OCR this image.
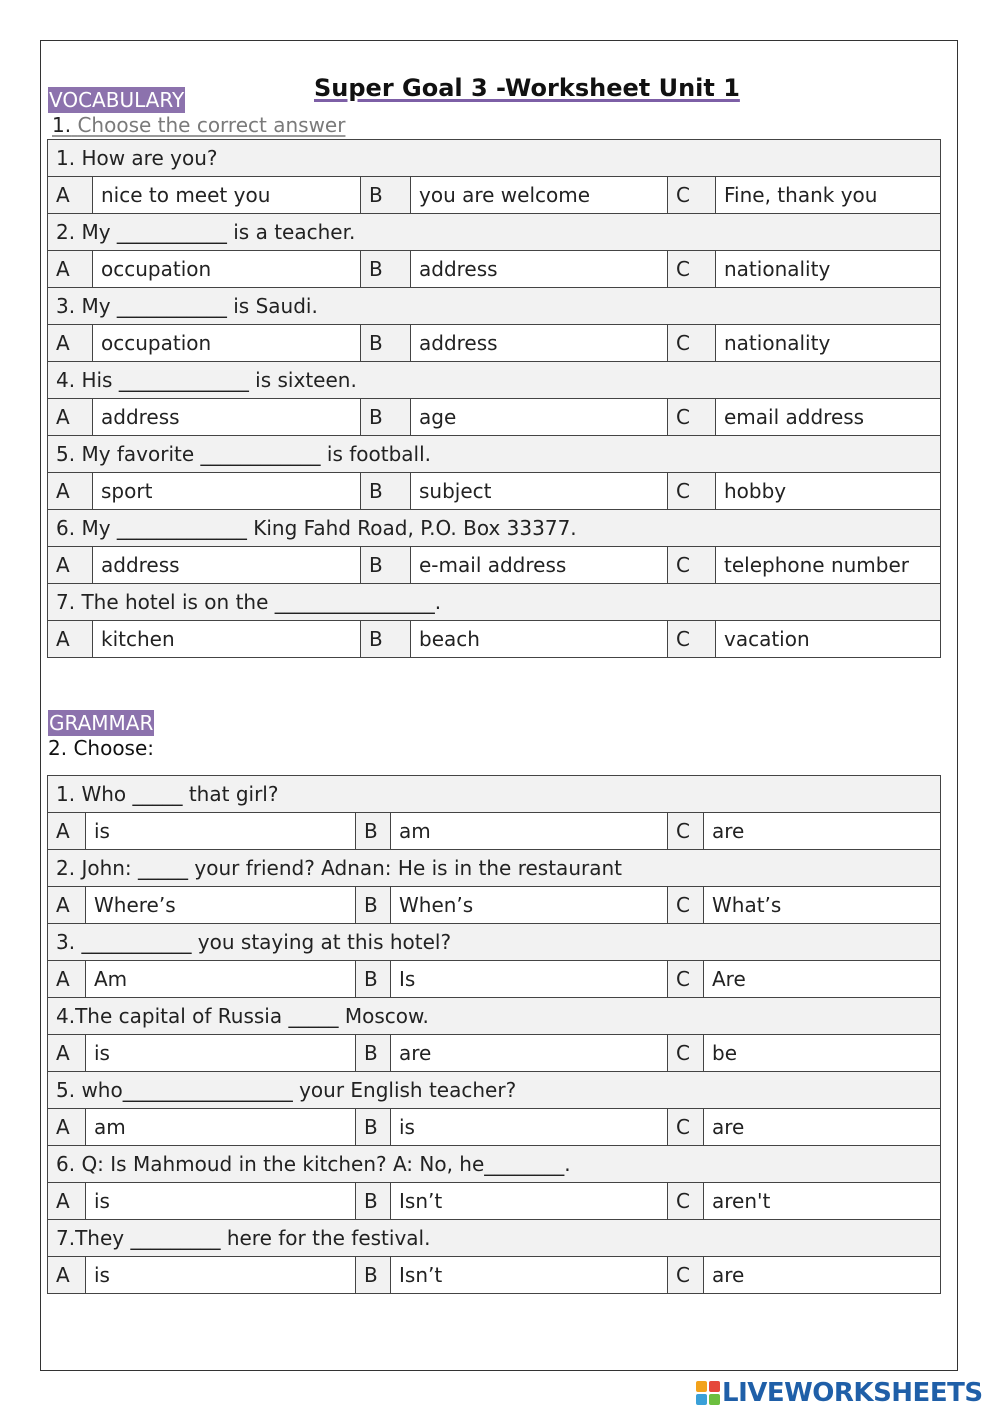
Super Goal 3 -Worksheet Unit 1
VOCABULARY
1. Choose the correct answer
1. How are you?					
A	nice to meet you	B	you are welcome	C	Fine, thank you
2. My ___________ is a teacher.					
A	occupation	B	address	C	nationality
3. My ___________ is Saudi.					
A	occupation	B	address	C	nationality
4. His _____________ is sixteen.					
A	address	B	age	C	email address
5. My favorite ____________ is football.					
A	sport	B	subject	C	hobby
6. My _____________ King Fahd Road, P.O. Box 33377.					
A	address	B	e-mail address	C	telephone number
7. The hotel is on the ________________.					
A	kitchen	B	beach	C	vacation
GRAMMAR
2. Choose:
1. Who _____ that girl?					
A	is	B	am	C	are
2. John: _____ your friend? Adnan: He is in the restaurant					
A	Where’s	B	When’s	C	What’s
3. ___________ you staying at this hotel?					
A	Am	B	Is	C	Are
4.The capital of Russia _____ Moscow.					
A	is	B	are	C	be
5. who_________________ your English teacher?					
A	am	B	is	C	are
6. Q: Is Mahmoud in the kitchen? A: No, he________.					
A	is	B	Isn’t	C	aren't
7.They _________ here for the festival.					
A	is	B	Isn’t	C	are
LIVEWORKSHEETS
